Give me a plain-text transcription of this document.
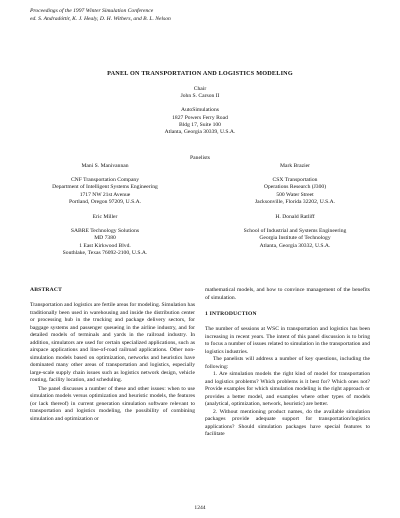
Proceedings of the 1997 Winter Simulation Conference
ed. S. Andradóttir, K. J. Healy, D. H. Withers, and B. L. Nelson
PANEL ON TRANSPORTATION AND LOGISTICS MODELING
Chair
John S. Carson II
AutoSimulations
1827 Powers Ferry Road
Bldg 17, Suite 100
Atlanta, Georgia 30339, U.S.A.
Panelists
Mani S. Manivannan
CNF Transportation Company
Department of Intelligent Systems Engineering
1717 NW 21st Avenue
Portland, Oregon 97209, U.S.A.
Mark Brazier
CSX Transportation
Operations Research (J300)
500 Water Street
Jacksonville, Florida 32202, U.S.A.
Eric Miller
SABRE Technology Solutions
MD 7380
1 East Kirkwood Blvd.
Southlake, Texas 76092-2100, U.S.A.
H. Donald Ratliff
School of Industrial and Systems Engineering
Georgia Institute of Technology
Atlanta, Georgia 30332, U.S.A.
ABSTRACT
Transportation and logistics are fertile areas for modeling. Simulation has traditionally been used in warehousing and inside the distribution center or processing hub in the trucking and package delivery sectors, for baggage systems and passenger queueing in the airline industry, and for detailed models of terminals and yards in the railroad industry. In addition, simulators are used for certain specialized applications, such as airspace applications and line-of-road railroad applications. Other non-simulation models based on optimization, networks and heuristics have dominated many other areas of transportation and logistics, especially large-scale supply chain issues such as logistics network design, vehicle routing, facility location, and scheduling.
The panel discusses a number of these and other issues: when to use simulation models versus optimization and heuristic models, the features (or lack thereof) in current generation simulation software relevant to transportation and logistics modeling, the possibility of combining simulation and optimization or
mathematical models, and how to convince management of the benefits of simulation.
1 INTRODUCTION
The number of sessions at WSC in transportation and logistics has been increasing in recent years. The intent of this panel discussion is to bring to focus a number of issues related to simulation in the transportation and logistics industries.
The panelists will address a number of key questions, including the following:
1. Are simulation models the right kind of model for transportation and logistics problems? Which problems is it best for? Which ones not? Provide examples for which simulation modeling is the right approach or provides a better model, and examples where other types of models (analytical, optimization, network, heuristic) are better.
2. Without mentioning product names, do the available simulation packages provide adequate support for transportation/logistics applications? Should simulation packages have special features to facilitate
1244
